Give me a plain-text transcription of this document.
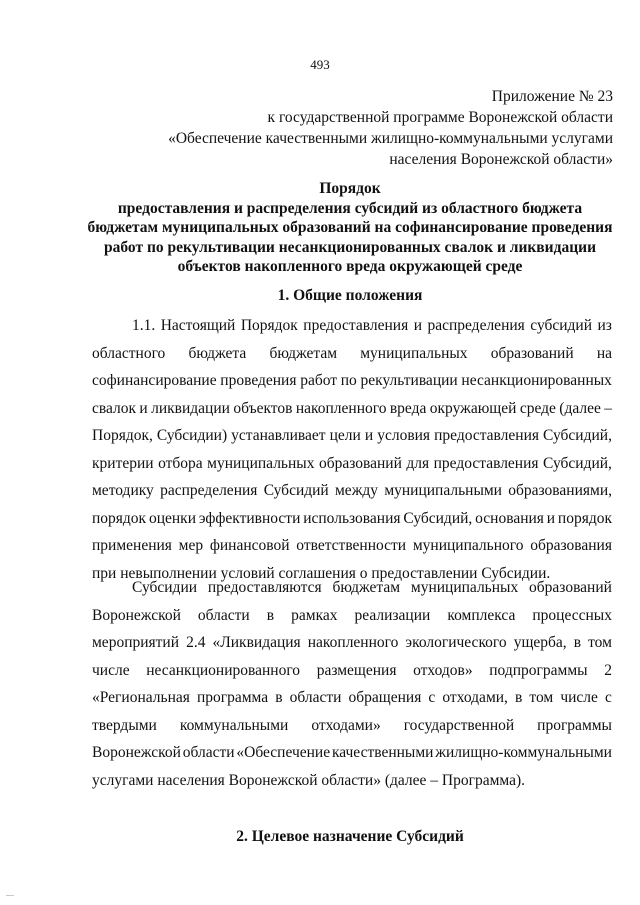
493
Приложение № 23
к государственной программе Воронежской области
«Обеспечение качественными жилищно-коммунальными услугами
населения Воронежской области»
Порядок
предоставления и распределения субсидий из областного бюджета
бюджетам муниципальных образований на софинансирование проведения
работ по рекультивации несанкционированных свалок и ликвидации
объектов накопленного вреда окружающей среде
1. Общие положения
1.1. Настоящий Порядок предоставления и распределения субсидий из
областного бюджета бюджетам муниципальных образований на
софинансирование проведения работ по рекультивации несанкционированных
свалок и ликвидации объектов накопленного вреда окружающей среде (далее –
Порядок, Субсидии) устанавливает цели и условия предоставления Субсидий,
критерии отбора муниципальных образований для предоставления Субсидий,
методику распределения Субсидий между муниципальными образованиями,
порядок оценки эффективности использования Субсидий, основания и порядок
применения мер финансовой ответственности муниципального образования
при невыполнении условий соглашения о предоставлении Субсидии.
Субсидии предоставляются бюджетам муниципальных образований
Воронежской области в рамках реализации комплекса процессных
мероприятий 2.4 «Ликвидация накопленного экологического ущерба, в том
числе несанкционированного размещения отходов» подпрограммы 2
«Региональная программа в области обращения с отходами, в том числе с
твердыми коммунальными отходами» государственной программы
Воронежской области «Обеспечение качественными жилищно-коммунальными
услугами населения Воронежской области» (далее – Программа).
2. Целевое назначение Субсидий
